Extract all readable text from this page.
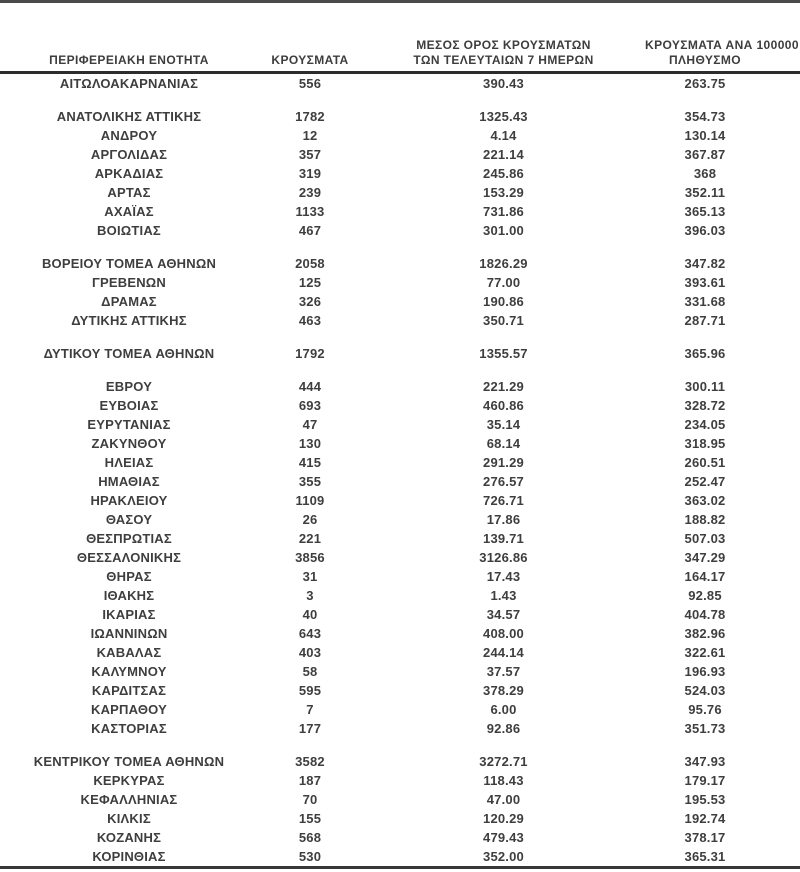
ΠΕΡΙΦΕΡΕΙΑΚΗ ΕΝΟΤΗΤΑ	ΚΡΟΥΣΜΑΤΑ	ΜΕΣΟΣ ΟΡΟΣ ΚΡΟΥΣΜΑΤΩΝ
ΤΩΝ ΤΕΛΕΥΤΑΙΩΝ 7 ΗΜΕΡΩΝ	ΚΡΟΥΣΜΑΤΑ ΑΝΑ 100000
ΠΛΗΘΥΣΜΟ	
ΑΙΤΩΛΟΑΚΑΡΝΑΝΙΑΣ	556	390.43	263.75	

ΑΝΑΤΟΛΙΚΗΣ ΑΤΤΙΚΗΣ	1782	1325.43	354.73	
ΑΝΔΡΟΥ	12	4.14	130.14	
ΑΡΓΟΛΙΔΑΣ	357	221.14	367.87	
ΑΡΚΑΔΙΑΣ	319	245.86	368	
ΑΡΤΑΣ	239	153.29	352.11	
ΑΧΑΪΑΣ	1133	731.86	365.13	
ΒΟΙΩΤΙΑΣ	467	301.00	396.03	

ΒΟΡΕΙΟΥ ΤΟΜΕΑ ΑΘΗΝΩΝ	2058	1826.29	347.82	
ΓΡΕΒΕΝΩΝ	125	77.00	393.61	
ΔΡΑΜΑΣ	326	190.86	331.68	
ΔΥΤΙΚΗΣ ΑΤΤΙΚΗΣ	463	350.71	287.71	

ΔΥΤΙΚΟΥ ΤΟΜΕΑ ΑΘΗΝΩΝ	1792	1355.57	365.96	

ΕΒΡΟΥ	444	221.29	300.11	
ΕΥΒΟΙΑΣ	693	460.86	328.72	
ΕΥΡΥΤΑΝΙΑΣ	47	35.14	234.05	
ΖΑΚΥΝΘΟΥ	130	68.14	318.95	
ΗΛΕΙΑΣ	415	291.29	260.51	
ΗΜΑΘΙΑΣ	355	276.57	252.47	
ΗΡΑΚΛΕΙΟΥ	1109	726.71	363.02	
ΘΑΣΟΥ	26	17.86	188.82	
ΘΕΣΠΡΩΤΙΑΣ	221	139.71	507.03	
ΘΕΣΣΑΛΟΝΙΚΗΣ	3856	3126.86	347.29	
ΘΗΡΑΣ	31	17.43	164.17	
ΙΘΑΚΗΣ	3	1.43	92.85	
ΙΚΑΡΙΑΣ	40	34.57	404.78	
ΙΩΑΝΝΙΝΩΝ	643	408.00	382.96	
ΚΑΒΑΛΑΣ	403	244.14	322.61	
ΚΑΛΥΜΝΟΥ	58	37.57	196.93	
ΚΑΡΔΙΤΣΑΣ	595	378.29	524.03	
ΚΑΡΠΑΘΟΥ	7	6.00	95.76	
ΚΑΣΤΟΡΙΑΣ	177	92.86	351.73	

ΚΕΝΤΡΙΚΟΥ ΤΟΜΕΑ ΑΘΗΝΩΝ	3582	3272.71	347.93	
ΚΕΡΚΥΡΑΣ	187	118.43	179.17	
ΚΕΦΑΛΛΗΝΙΑΣ	70	47.00	195.53	
ΚΙΛΚΙΣ	155	120.29	192.74	
ΚΟΖΑΝΗΣ	568	479.43	378.17	
ΚΟΡΙΝΘΙΑΣ	530	352.00	365.31	
